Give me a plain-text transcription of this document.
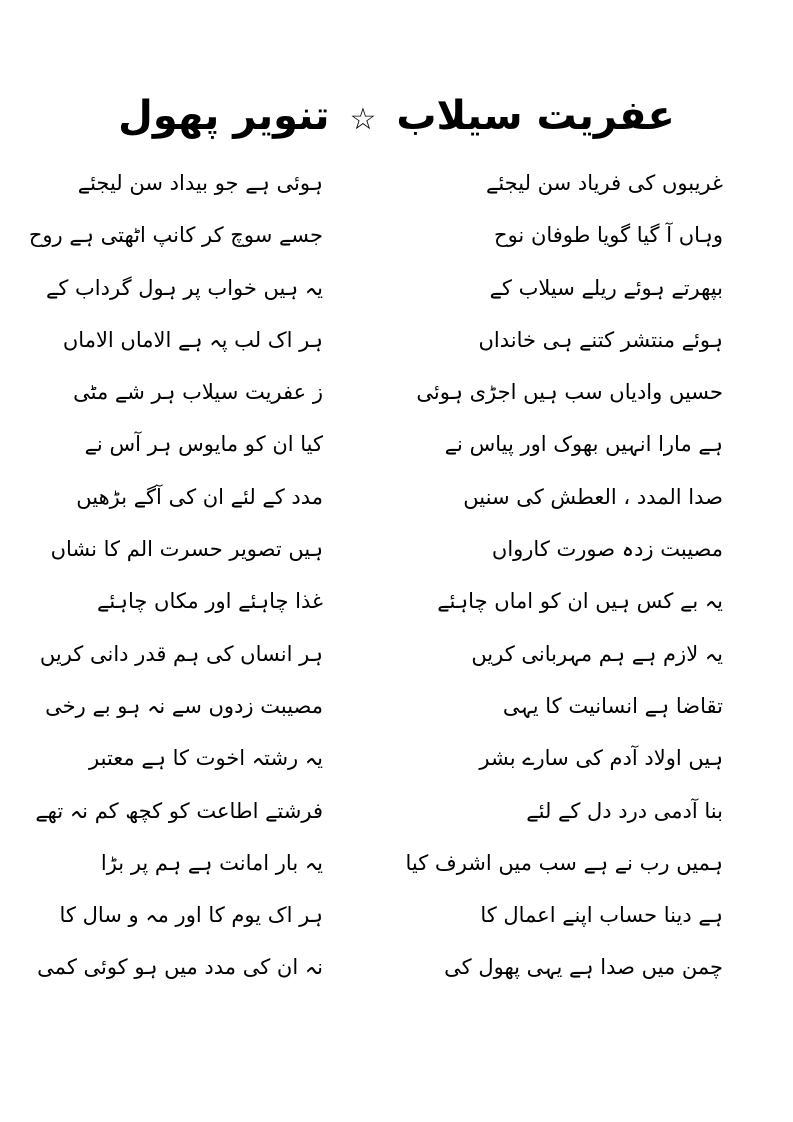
عفریت سیلاب ☆ تنویر پھول
غریبوں کی فریاد سن لیجئے
ہوئی ہے جو بیداد سن لیجئے
وہاں آ گیا گویا طوفان نوح
جسے سوچ کر کانپ اٹھتی ہے روح
بپھرتے ہوئے ریلے سیلاب کے
یہ ہیں خواب پر ہول گرداب کے
ہوئے منتشر کتنے ہی خانداں
ہر اک لب پہ ہے الاماں الاماں
حسیں وادیاں سب ہیں اجڑی ہوئی
ز عفریت سیلاب ہر شے مٹی
ہے مارا انہیں بھوک اور پیاس نے
کیا ان کو مایوس ہر آس نے
صدا المدد ، العطش کی سنیں
مدد کے لئے ان کی آگے بڑھیں
مصیبت زدہ صورت کارواں
ہیں تصویر حسرت الم کا نشاں
یہ بے کس ہیں ان کو اماں چاہئے
غذا چاہئے اور مکاں چاہئے
یہ لازم ہے ہم مہربانی کریں
ہر انساں کی ہم قدر دانی کریں
تقاضا ہے انسانیت کا یہی
مصیبت زدوں سے نہ ہو بے رخی
ہیں اولاد آدم کی سارے بشر
یہ رشتہ اخوت کا ہے معتبر
بنا آدمی درد دل کے لئے
فرشتے اطاعت کو کچھ کم نہ تھے
ہمیں رب نے ہے سب میں اشرف کیا
یہ بار امانت ہے ہم پر بڑا
ہے دینا حساب اپنے اعمال کا
ہر اک یوم کا اور مہ و سال کا
چمن میں صدا ہے یہی پھول کی
نہ ان کی مدد میں ہو کوئی کمی
